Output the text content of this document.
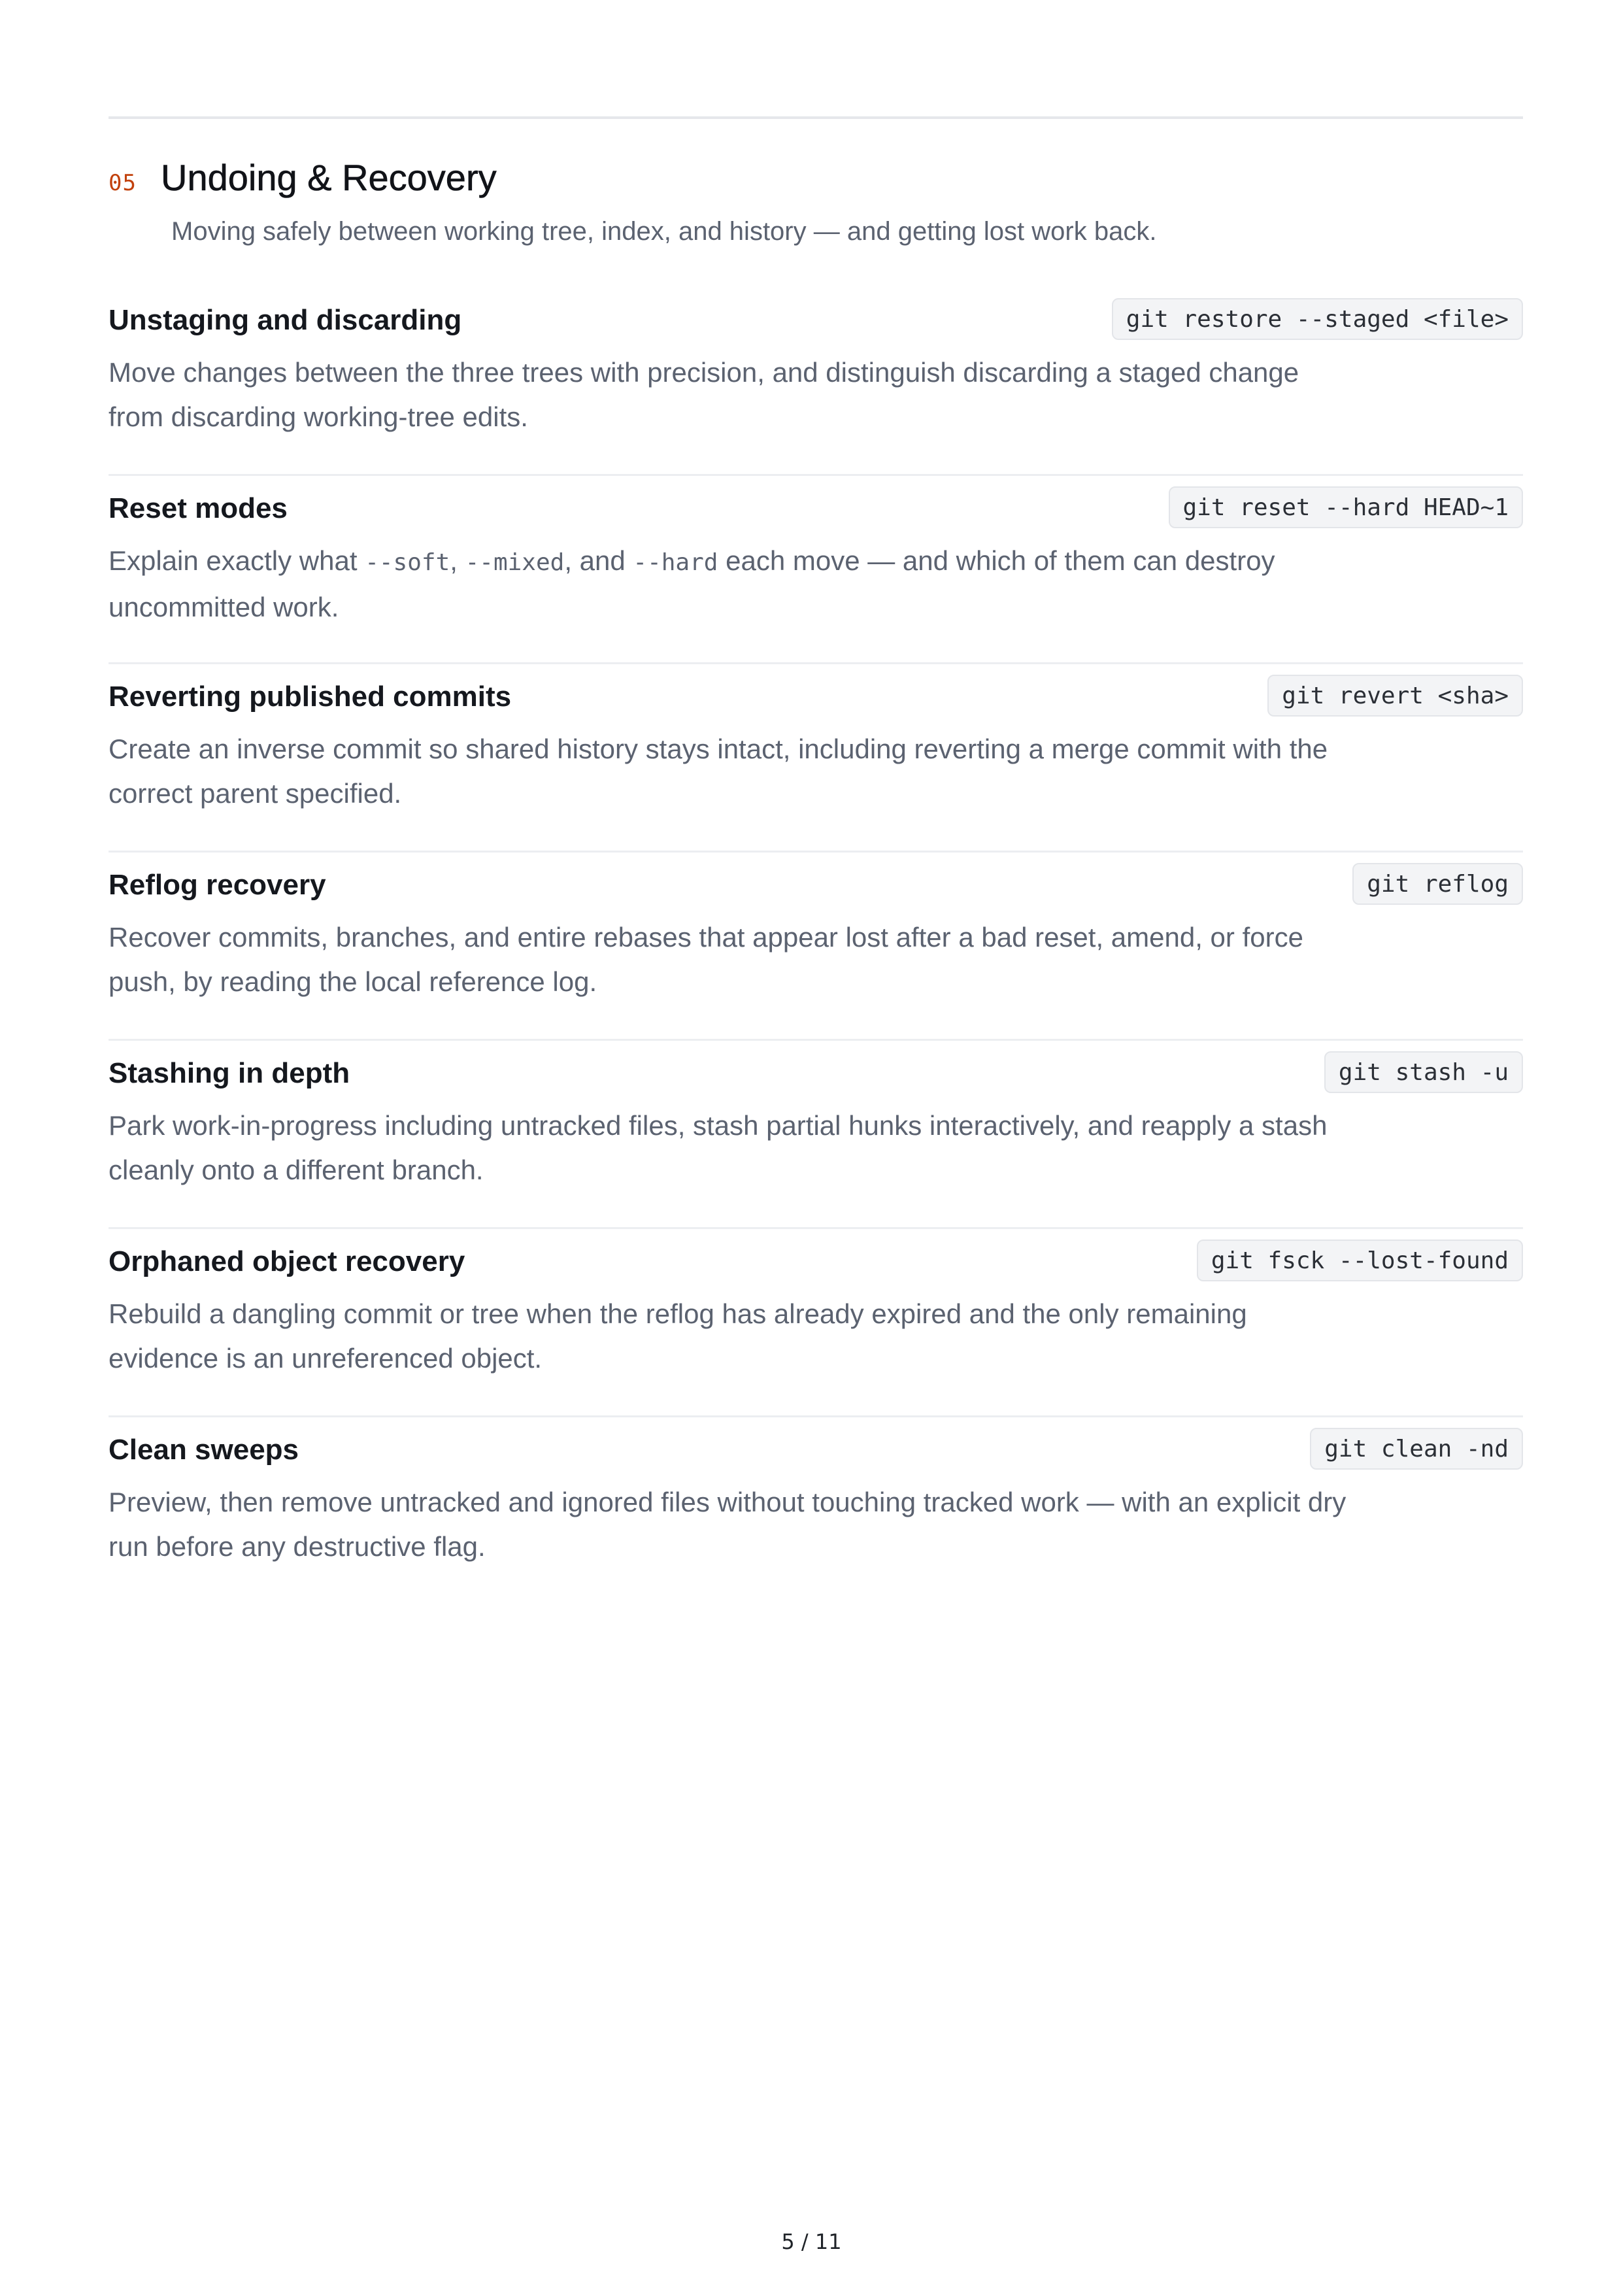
05 Undoing & Recovery

Moving safely between working tree, index, and history — and getting lost work back.

Unstaging and discarding	git restore --staged <file>

Move changes between the three trees with precision, and distinguish discarding a staged change from discarding working-tree edits.

Reset modes	git reset --hard HEAD~1

Explain exactly what --soft, --mixed, and --hard each move — and which of them can destroy uncommitted work.

Reverting published commits	git revert <sha>

Create an inverse commit so shared history stays intact, including reverting a merge commit with the correct parent specified.

Reflog recovery	git reflog

Recover commits, branches, and entire rebases that appear lost after a bad reset, amend, or force push, by reading the local reference log.

Stashing in depth	git stash -u

Park work-in-progress including untracked files, stash partial hunks interactively, and reapply a stash cleanly onto a different branch.

Orphaned object recovery	git fsck --lost-found

Rebuild a dangling commit or tree when the reflog has already expired and the only remaining evidence is an unreferenced object.

Clean sweeps	git clean -nd

Preview, then remove untracked and ignored files without touching tracked work — with an explicit dry run before any destructive flag.

5 / 11
